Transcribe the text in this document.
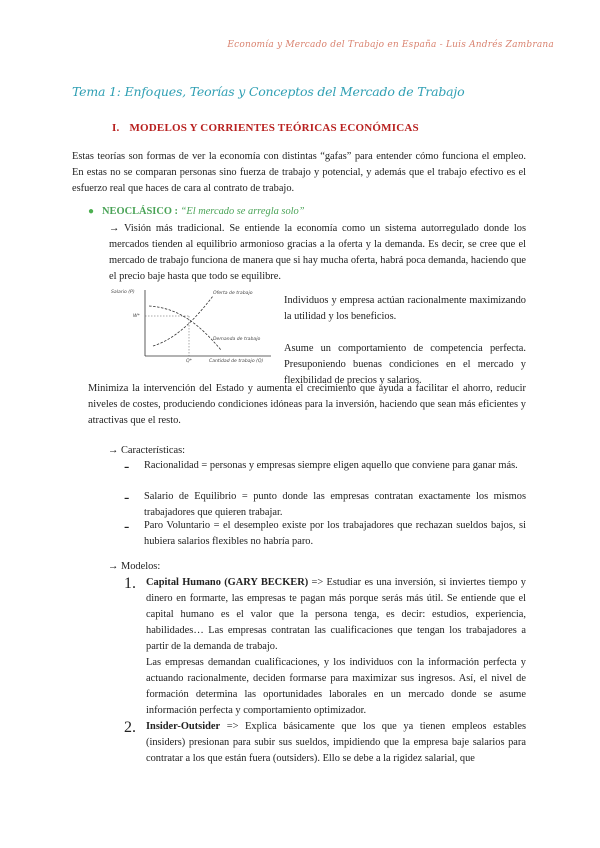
Economía y Mercado del Trabajo en España - Luis Andrés Zambrana
Tema 1: Enfoques, Teorías y Conceptos del Mercado de Trabajo
I. MODELOS Y CORRIENTES TEÓRICAS ECONÓMICAS

Estas teorías son formas de ver la economía con distintas “gafas” para entender cómo funciona el empleo. En estas no se comparan personas sino fuerza de trabajo y potencial, y además que el trabajo efectivo es el esfuerzo real que haces de cara al contrato de trabajo.

● NEOCLÁSICO : “El mercado se arregla solo”

→ Visión más tradicional. Se entiende la economía como un sistema autorregulado donde los mercados tienden al equilibrio armonioso gracias a la oferta y la demanda. Es decir, se cree que el mercado de trabajo funciona de manera que si hay mucha oferta, habrá poca demanda, haciendo que el precio baje hasta que todo se equilibre.

Salario (P)
W*
Q*	Cantidad de trabajo (Q)
Oferta de trabajo
Demanda de trabajo

Individuos y empresa actúan racionalmente maximizando la utilidad y los beneficios.

Asume un comportamiento de competencia perfecta. Presuponiendo buenas condiciones en el mercado y flexibilidad de precios y salarios.

Minimiza la intervención del Estado y aumenta el crecimiento que ayuda a facilitar el ahorro, reducir niveles de costes, produciendo condiciones idóneas para la inversión, haciendo que sean más eficientes y atractivas que el resto.

→ Características:
- Racionalidad = personas y empresas siempre eligen aquello que conviene para ganar más.

- Salario de Equilibrio = punto donde las empresas contratan exactamente los mismos trabajadores que quieren trabajar.

- Paro Voluntario = el desempleo existe por los trabajadores que rechazan sueldos bajos, si hubiera salarios flexibles no habría paro.

→ Modelos:
1. Capital Humano (GARY BECKER) => Estudiar es una inversión, si inviertes tiempo y dinero en formarte, las empresas te pagan más porque serás más útil. Se entiende que el capital humano es el valor que la persona tenga, es decir: estudios, experiencia, habilidades… Las empresas contratan las cualificaciones que tengan los trabajadores a partir de la demanda de trabajo.

Las empresas demandan cualificaciones, y los individuos con la información perfecta y actuando racionalmente, deciden formarse para maximizar sus ingresos. Así, el nivel de formación determina las oportunidades laborales en un mercado donde se asume información perfecta y comportamiento optimizador.

2. Insider-Outsider => Explica básicamente que los que ya tienen empleos estables (insiders) presionan para subir sus sueldos, impidiendo que la empresa baje salarios para contratar a los que están fuera (outsiders). Ello se debe a la rigidez salarial, que
